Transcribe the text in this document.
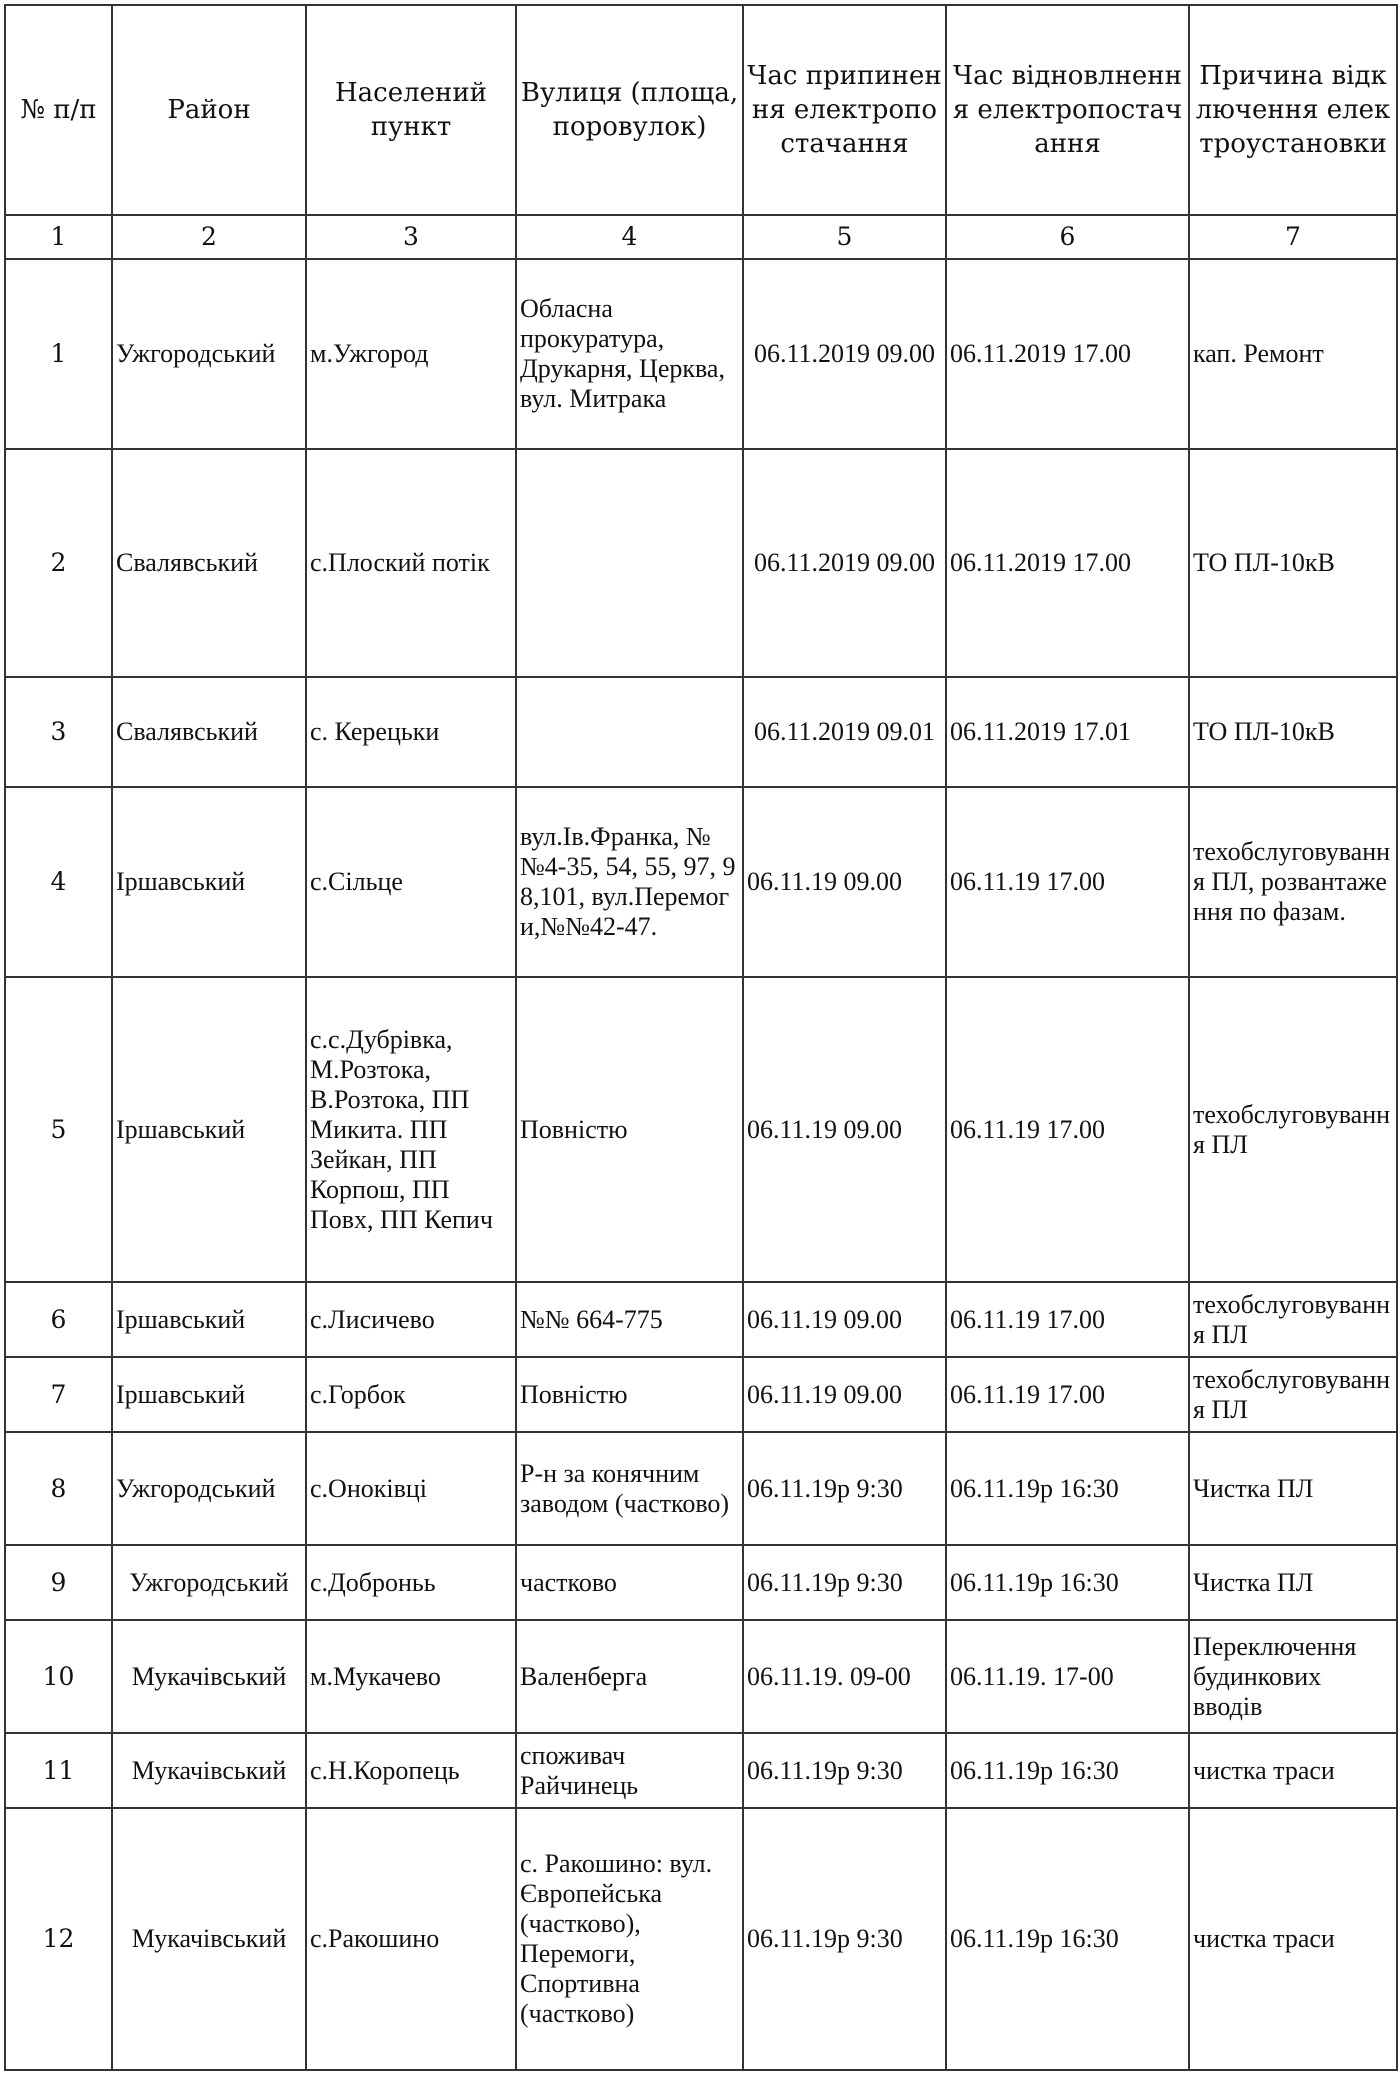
№ п/п	Район	Населений пункт	Вулиця (площа, поровулок)	Час припинення електропостачання	Час відновлнення електропостачання	Причина відключення електроустановки
1	2	3	4	5	6	7
1	Ужгородський	м.Ужгород	Обласна прокуратура, Друкарня, Церква, вул. Митрака	06.11.2019 09.00	06.11.2019 17.00	кап. Ремонт
2	Свалявський	с.Плоский потік		06.11.2019 09.00	06.11.2019 17.00	ТО ПЛ-10кВ
3	Свалявський	с. Керецьки		06.11.2019 09.01	06.11.2019 17.01	ТО ПЛ-10кВ
4	Іршавський	с.Сільце	вул.Ів.Франка, №№4-35, 54, 55, 97, 98,101, вул.Перемоги,№№42-47.	06.11.19 09.00	06.11.19 17.00	техобслуговування ПЛ, розвантаження по фазам.
5	Іршавський	с.с.Дубрівка, М.Розтока, В.Розтока, ПП Микита. ПП Зейкан, ПП Корпош, ПП Повх, ПП Кепич	Повністю	06.11.19 09.00	06.11.19 17.00	техобслуговування ПЛ
6	Іршавський	с.Лисичево	№№ 664-775	06.11.19 09.00	06.11.19 17.00	техобслуговування ПЛ
7	Іршавський	с.Горбок	Повністю	06.11.19 09.00	06.11.19 17.00	техобслуговування ПЛ
8	Ужгородський	с.Оноківці	Р-н за конячним заводом (частково)	06.11.19р 9:30	06.11.19р 16:30	Чистка ПЛ
9	Ужгородський	с.Доброньь	частково	06.11.19р 9:30	06.11.19р 16:30	Чистка ПЛ
10	Мукачівський	м.Мукачево	Валенберга	06.11.19. 09-00	06.11.19. 17-00	Переключення будинкових вводів
11	Мукачівський	с.Н.Коропець	споживач Райчинець	06.11.19р 9:30	06.11.19р 16:30	чистка траси
12	Мукачівський	с.Ракошино	с. Ракошино: вул. Європейська (частково), Перемоги, Спортивна (частково)	06.11.19р 9:30	06.11.19р 16:30	чистка траси
